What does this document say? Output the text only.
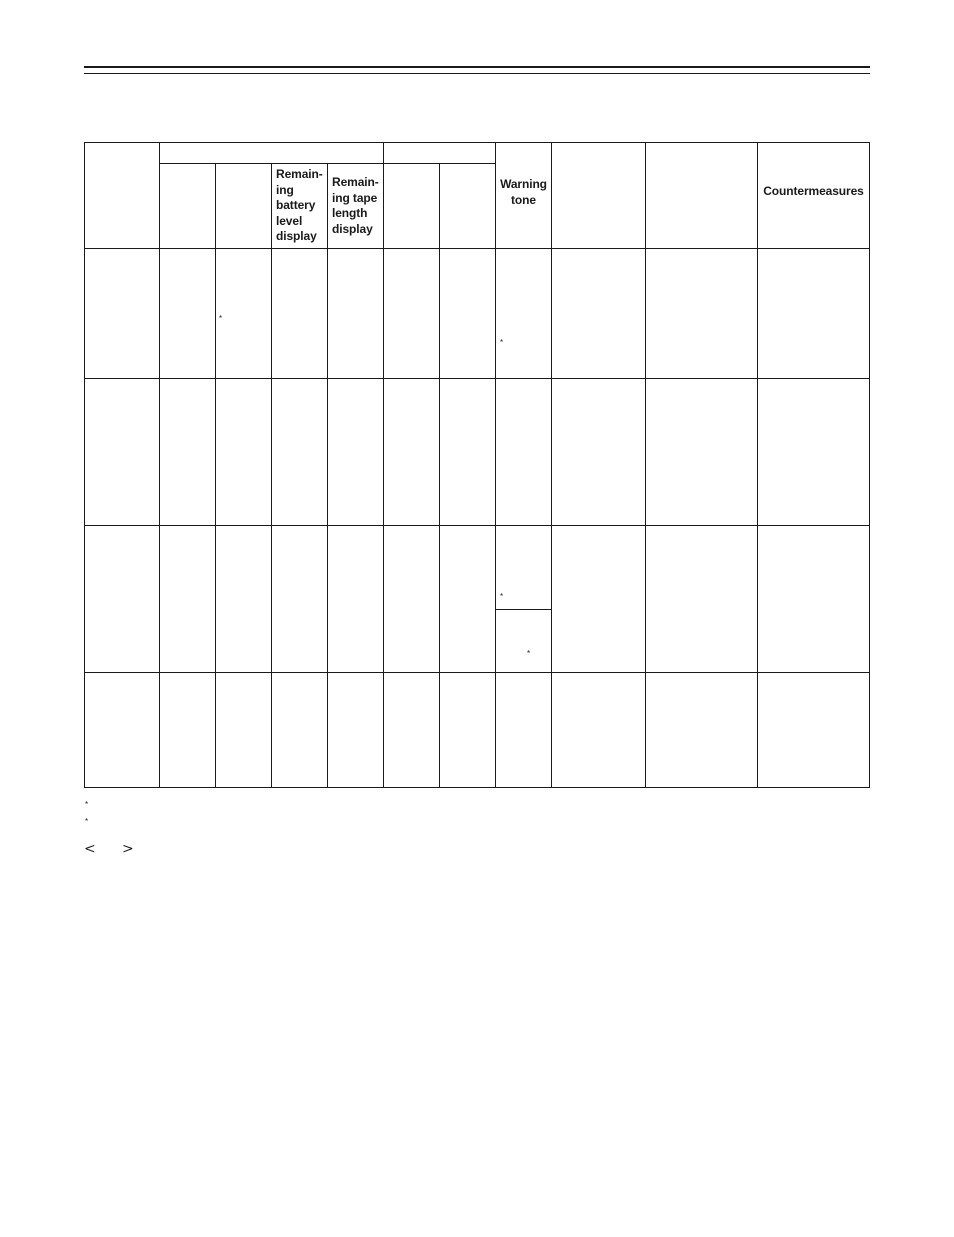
Remain-
ing
battery
level
display
Remain-
ing tape
length
display
Warning
tone
Countermeasures
*
*
*
*
*
*
< >
